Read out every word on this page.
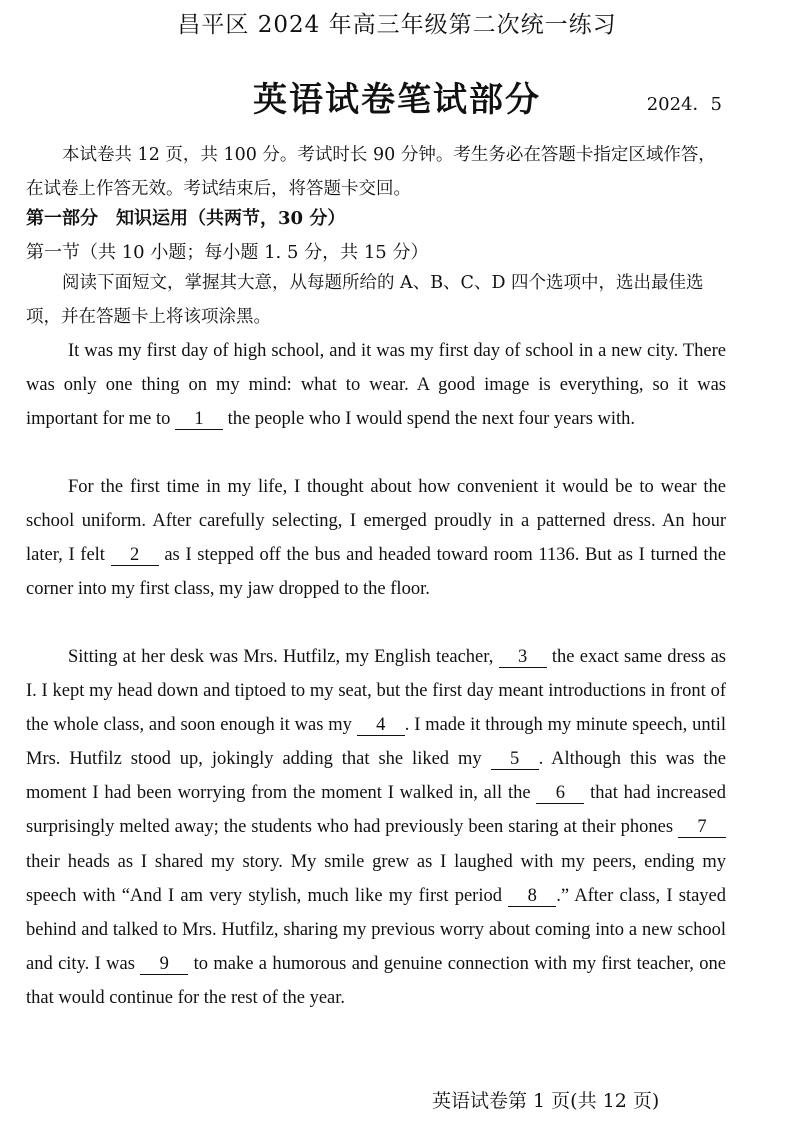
昌平区 2024 年高三年级第二次统一练习
英语试卷笔试部分	2024．5
本试卷共 12 页，共 100 分。考试时长 90 分钟。考生务必在答题卡指定区域作答，在试卷上作答无效。考试结束后，将答题卡交回。
第一部分　知识运用（共两节，30 分）
第一节（共 10 小题；每小题 1. 5 分，共 15 分）
阅读下面短文，掌握其大意，从每题所给的 A、B、C、D 四个选项中，选出最佳选项，并在答题卡上将该项涂黑。
It was my first day of high school, and it was my first day of school in a new city. There was only one thing on my mind: what to wear. A good image is everything, so it was important for me to 1 the people who I would spend the next four years with.
For the first time in my life, I thought about how convenient it would be to wear the school uniform. After carefully selecting, I emerged proudly in a patterned dress. An hour later, I felt 2 as I stepped off the bus and headed toward room 1136. But as I turned the corner into my first class, my jaw dropped to the floor.
Sitting at her desk was Mrs. Hutfilz, my English teacher, 3 the exact same dress as I. I kept my head down and tiptoed to my seat, but the first day meant introductions in front of the whole class, and soon enough it was my 4 . I made it through my minute speech, until Mrs. Hutfilz stood up, jokingly adding that she liked my 5 . Although this was the moment I had been worrying from the moment I walked in, all the 6 that had increased surprisingly melted away; the students who had previously been staring at their phones 7 their heads as I shared my story. My smile grew as I laughed with my peers, ending my speech with “And I am very stylish, much like my first period 8 .” After class, I stayed behind and talked to Mrs. Hutfilz, sharing my previous worry about coming into a new school and city. I was 9 to make a humorous and genuine connection with my first teacher, one that would continue for the rest of the year.
英语试卷第 1 页(共 12 页)
